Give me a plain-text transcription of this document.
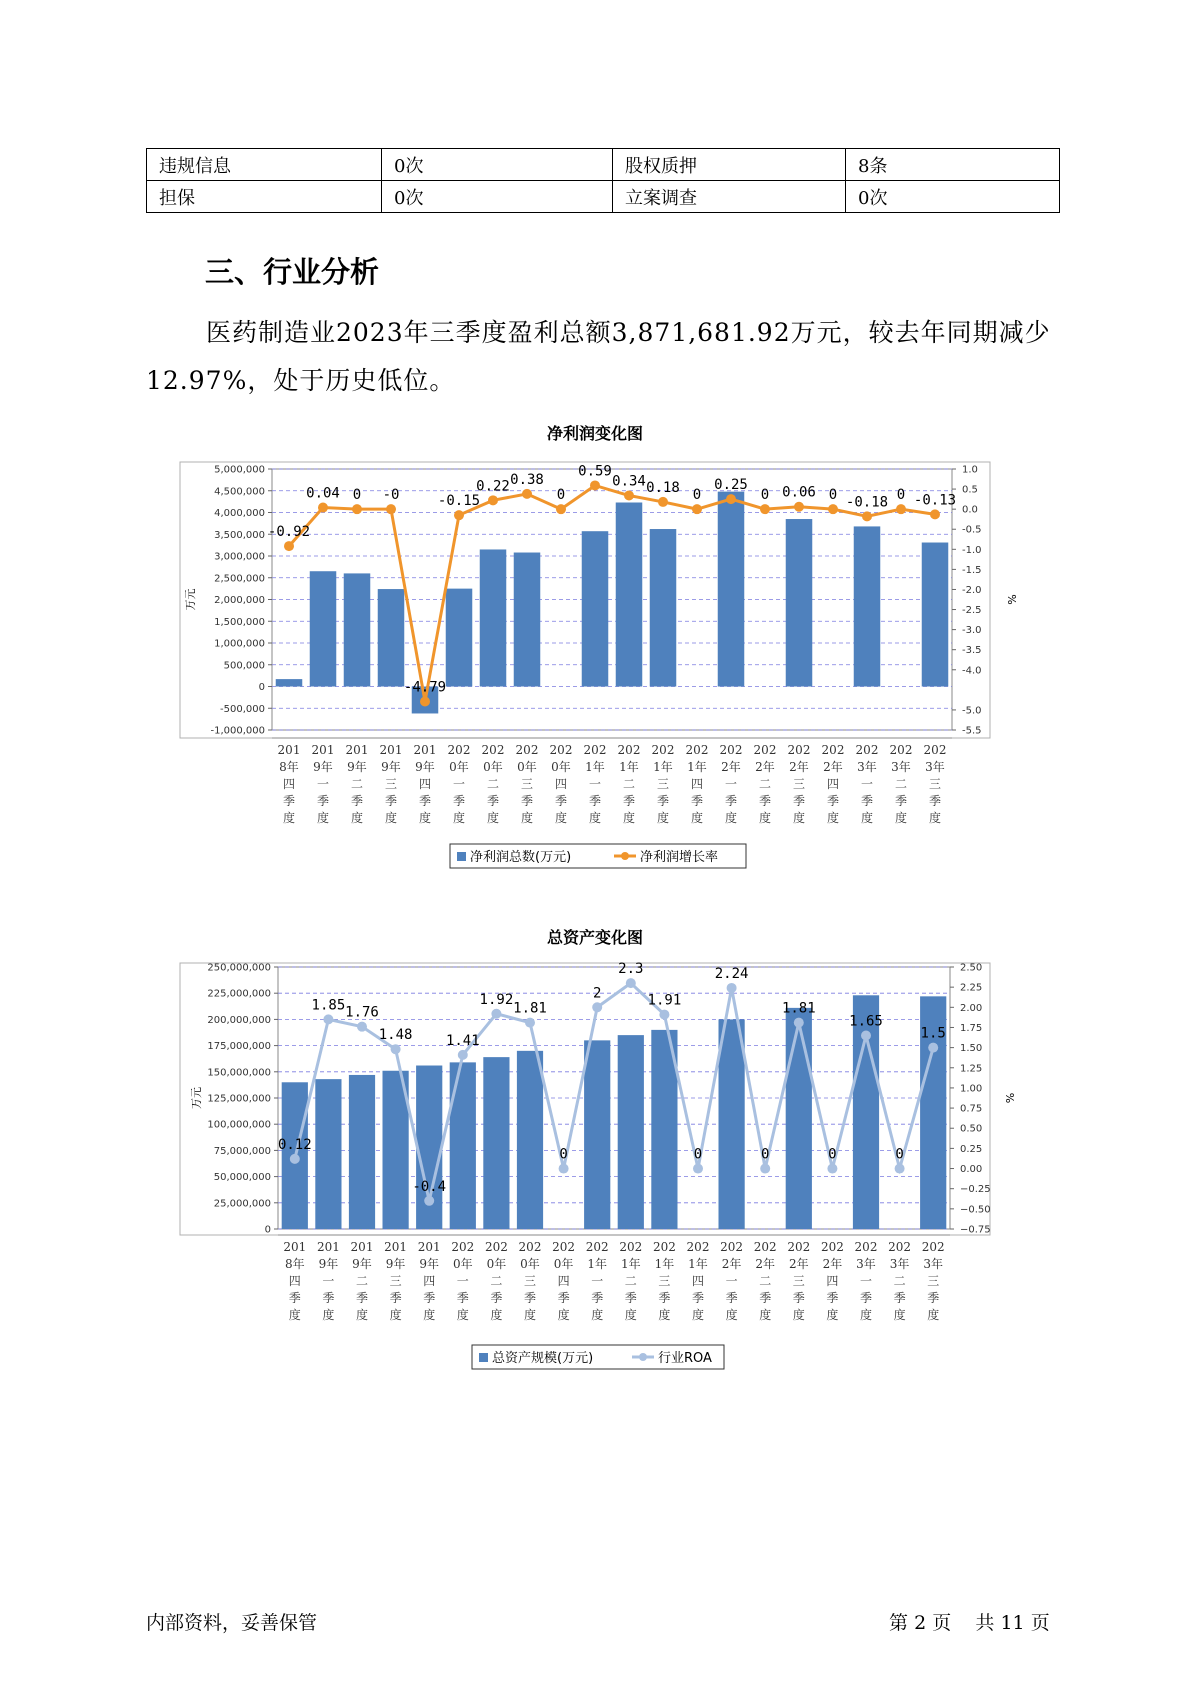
违规信息	0次	股权质押	8条
担保	0次	立案调查	0次
三、行业分析

医药制造业2023年三季度盈利总额3,871,681.92万元，较去年同期减少12.97%，处于历史低位。

净利润变化图
5,000,000
4,500,000
4,000,000
3,500,000
3,000,000
2,500,000
2,000,000
1,500,000
1,000,000
500,000
0
-500,000
-1,000,000
1.0
0.5
0.0
-0.5
-1.0
-1.5
-2.0
-2.5
-3.0
-3.5
-4.0
-5.0
-5.5
万元	%
-0.92
0.04 0 -0
-4.79
-0.15
0.22 0.38
0
0.59
0.34 0.18 0
0.25
0 0.06 0 -0.18 0 -0.13
201
8年
四
季
度
201
9年
一
季
度
201
9年
二
季
度
201
9年
三
季
度
201
9年
四
季
度
202
0年
一
季
度
202
0年
二
季
度
202
0年
三
季
度
202
0年
四
季
度
202
1年
一
季
度
202
1年
二
季
度
202
1年
三
季
度
202
1年
四
季
度
202
2年
一
季
度
202
2年
二
季
度
202
2年
三
季
度
202
2年
四
季
度
202
3年
一
季
度
202
3年
二
季
度
202
3年
三
季
度
净利润总数(万元)	净利润增长率
总资产变化图
250,000,000
225,000,000
200,000,000
175,000,000
150,000,000
125,000,000
100,000,000
75,000,000
50,000,000
25,000,000
0
2.50
2.25
2.00
1.75
1.50
1.25
1.00
0.75
0.50
0.25
0.00
−0.25
−0.50
−0.75
万元	%
0.12
1.85 1.76
1.48
-0.4
1.41
1.92
1.81
0
2
2.3
1.91
0
2.24
0
1.81
0
1.65
0
1.5
201
8年
四
季
度
201
9年
一
季
度
201
9年
二
季
度
201
9年
三
季
度
201
9年
四
季
度
202
0年
一
季
度
202
0年
二
季
度
202
0年
三
季
度
202
0年
四
季
度
202
1年
一
季
度
202
1年
二
季
度
202
1年
三
季
度
202
1年
四
季
度
202
2年
一
季
度
202
2年
二
季
度
202
2年
三
季
度
202
2年
四
季
度
202
3年
一
季
度
202
3年
二
季
度
202
3年
三
季
度
总资产规模(万元)	行业ROA
内部资料，妥善保管	第 2 页 共 11 页
